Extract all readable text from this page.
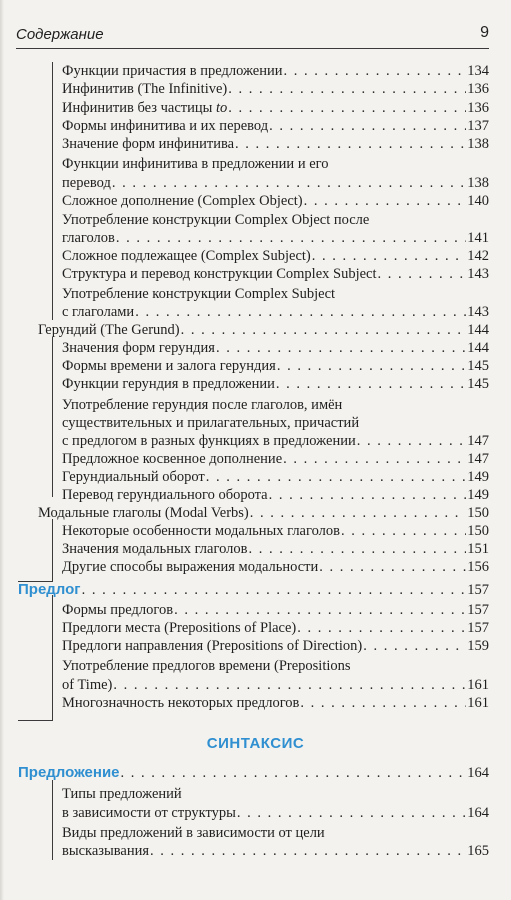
Содержание	9
Функции причастия в предложении . . .	134
Инфинитив (The Infinitive) . . .	136
Инфинитив без частицы to . . .	136
Формы инфинитива и их перевод . . .	137
Значение форм инфинитива . . .	138
Функции инфинитива в предложении и его
перевод . . .	138
Сложное дополнение (Complex Object) . . .	140
Употребление конструкции Complex Object после
глаголов . . .	141
Сложное подлежащее (Complex Subject) . . .	142
Структура и перевод конструкции Complex Subject . . .	143
Употребление конструкции Complex Subject
с глаголами . . .	143
Герундий (The Gerund) . . .	144
Значения форм герундия . . .	144
Формы времени и залога герундия . . .	145
Функции герундия в предложении . . .	145
Употребление герундия после глаголов, имён
существительных и прилагательных, причастий
с предлогом в разных функциях в предложении . . .	147
Предложное косвенное дополнение . . .	147
Герундиальный оборот . . .	149
Перевод герундиального оборота . . .	149
Модальные глаголы (Modal Verbs) . . .	150
Некоторые особенности модальных глаголов . . .	150
Значения модальных глаголов . . .	151
Другие способы выражения модальности . . .	156
Предлог . . .	157
Формы предлогов . . .	157
Предлоги места (Prepositions of Place) . . .	157
Предлоги направления (Prepositions of Direction) . . .	159
Употребление предлогов времени (Prepositions
of Time) . . .	161
Многозначность некоторых предлогов . . .	161
СИНТАКСИС
Предложение . . .	164
Типы предложений
в зависимости от структуры . . .	164
Виды предложений в зависимости от цели
высказывания . . .	165
